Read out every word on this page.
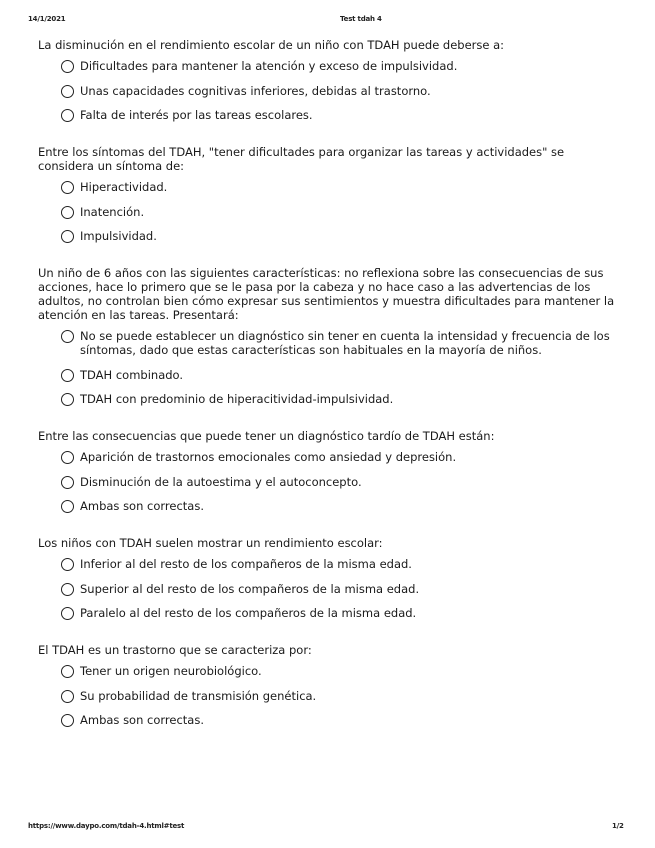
14/1/2021	Test tdah 4

La disminución en el rendimiento escolar de un niño con TDAH puede deberse a:

Dificultades para mantener la atención y exceso de impulsividad.
Unas capacidades cognitivas inferiores, debidas al trastorno.
Falta de interés por las tareas escolares.

Entre los síntomas del TDAH, "tener dificultades para organizar las tareas y actividades" se considera un síntoma de:

Hiperactividad.
Inatención.
Impulsividad.

Un niño de 6 años con las siguientes características: no reflexiona sobre las consecuencias de sus acciones, hace lo primero que se le pasa por la cabeza y no hace caso a las advertencias de los adultos, no controlan bien cómo expresar sus sentimientos y muestra dificultades para mantener la atención en las tareas. Presentará:

No se puede establecer un diagnóstico sin tener en cuenta la intensidad y frecuencia de los síntomas, dado que estas características son habituales en la mayoría de niños.
TDAH combinado.
TDAH con predominio de hiperacitividad-impulsividad.

Entre las consecuencias que puede tener un diagnóstico tardío de TDAH están:

Aparición de trastornos emocionales como ansiedad y depresión.
Disminución de la autoestima y el autoconcepto.
Ambas son correctas.

Los niños con TDAH suelen mostrar un rendimiento escolar:

Inferior al del resto de los compañeros de la misma edad.
Superior al del resto de los compañeros de la misma edad.
Paralelo al del resto de los compañeros de la misma edad.

El TDAH es un trastorno que se caracteriza por:

Tener un origen neurobiológico.
Su probabilidad de transmisión genética.
Ambas son correctas.
https://www.daypo.com/tdah-4.html#test	1/2
